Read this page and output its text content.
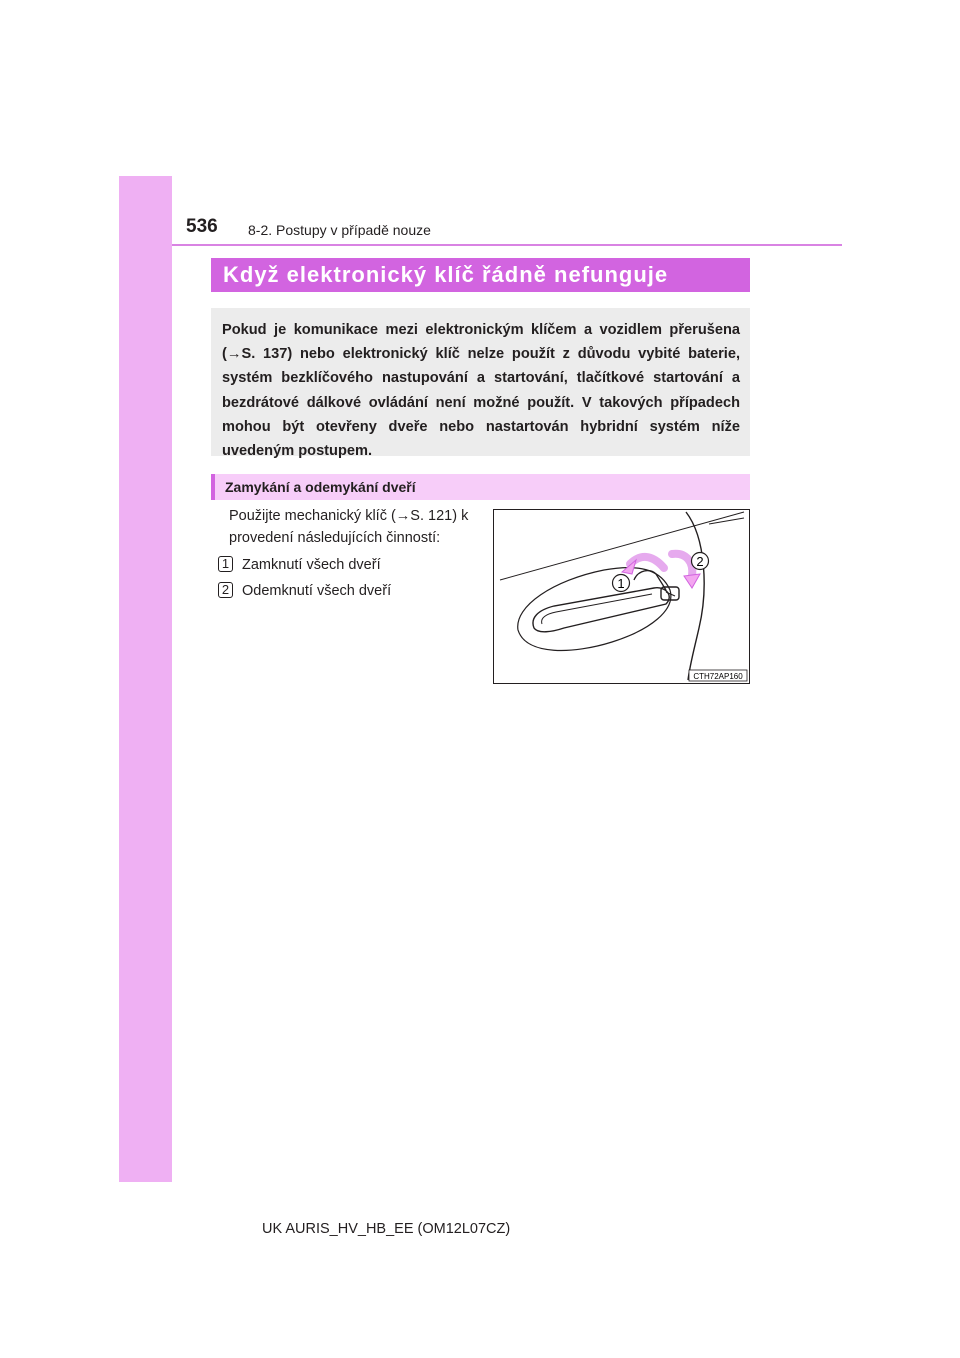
536 8-2. Postupy v případě nouze
Když elektronický klíč řádně nefunguje
Pokud je komunikace mezi elektronickým klíčem a vozidlem přerušena (→S. 137) nebo elektronický klíč nelze použít z důvodu vybité baterie, systém bezklíčového nastupování a startování, tlačítkové startování a bezdrátové dálkové ovládání není možné použít. V takových případech mohou být otevřeny dveře nebo nastartován hybridní systém níže uvedeným postupem.
Zamykání a odemykání dveří
Použijte mechanický klíč (→S. 121) k provedení následujících činností:
1 Zamknutí všech dveří
2 Odemknutí všech dveří	1
2
CTH72AP160
UK AURIS_HV_HB_EE (OM12L07CZ)
